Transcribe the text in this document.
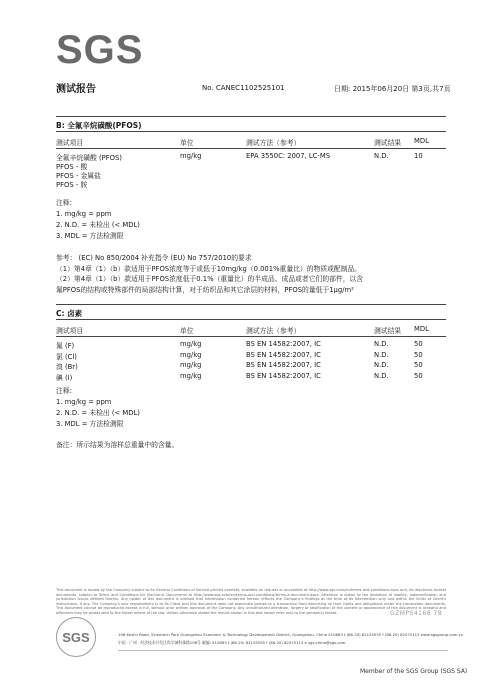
SGS
测试报告	No. CANEC1102525101	日期: 2015年06月20日 第3页,共7页
B: 全氟辛烷磺酸(PFOS)
测试项目	单位	测试方法（参考）	测试结果	MDL
全氟辛烷磺酸 (PFOS)	mg/kg	EPA 3550C: 2007, LC-MS	N.D.	10
PFOS - 酸
PFOS - 金属盐
PFOS - 胺
注释:
1. mg/kg = ppm
2. N.D. = 未检出 (< MDL)
3. MDL = 方法检测限
参考： (EC) No 850/2004 补充指令 (EU) No 757/2010的要求
（1）第4章（1）（b）款适用于PFOS浓度等于或低于10mg/kg（0.001%重量比）的物质或配制品。
（2）第4章（1）（b）款适用于PFOS浓度低于0.1%（重量比）的半成品、成品或者它们的部件，以含
氟PFOS的结构或特殊部件的局部结构计算，对于纺织品和其它涂层的材料，PFOS的量低于1μg/m²
C: 卤素
测试项目	单位	测试方法（参考）	测试结果	MDL
氟 (F)	mg/kg	BS EN 14582:2007, IC	N.D.	50
氯 (Cl)	mg/kg	BS EN 14582:2007, IC	N.D.	50
溴 (Br)	mg/kg	BS EN 14582:2007, IC	N.D.	50
碘 (I)	mg/kg	BS EN 14582:2007, IC	N.D.	50
注释:
1. mg/kg = ppm
2. N.D. = 未检出 (< MDL)
3. MDL = 方法检测限
备注：所示结果为溶样总重量中的含量。
This document is issued by the Company subject to its General Conditions of Service printed overleaf, available on request or accessible at http://www.sgs.com/en/terms-and-conditions.aspx and, for electronic format documents, subject to Terms and Conditions for Electronic Documents at http://www.sgs.com/en/terms-and-conditions/terms-e-document.aspx. Attention is drawn to the limitation of liability, indemnification and jurisdiction issues defined therein. Any holder of this document is advised that information contained hereon reflects the Company's findings at the time of its intervention only and within the limits of Client's instructions, if any. The Company's sole responsibility is to its Client and this document does not exonerate parties to a transaction from exercising all their rights and obligations under the transaction documents. This document cannot be reproduced except in full, without prior written approval of the Company. Any unauthorized alteration, forgery or falsification of the content or appearance of this document is unlawful and offenders may be prosecuted to the fullest extent of the law. Unless otherwise stated the results shown in this test report refer only to the sample(s) tested.	GZMPS4168 78
SGS	198 Kezhu Road, Scientech Park Guangzhou Economic & Technology Development District, Guangzhou, China 510663 t (86-20) 82155555 f (86-20) 82075113 www.sgsgroup.com.cn
中国 · 广州 · 经济技术开发区科学城科珠路198号 邮编: 510663 t (86-20) 82155555 f (86-20) 82075113 e sgs.china@sgs.com
Member of the SGS Group (SGS SA)
